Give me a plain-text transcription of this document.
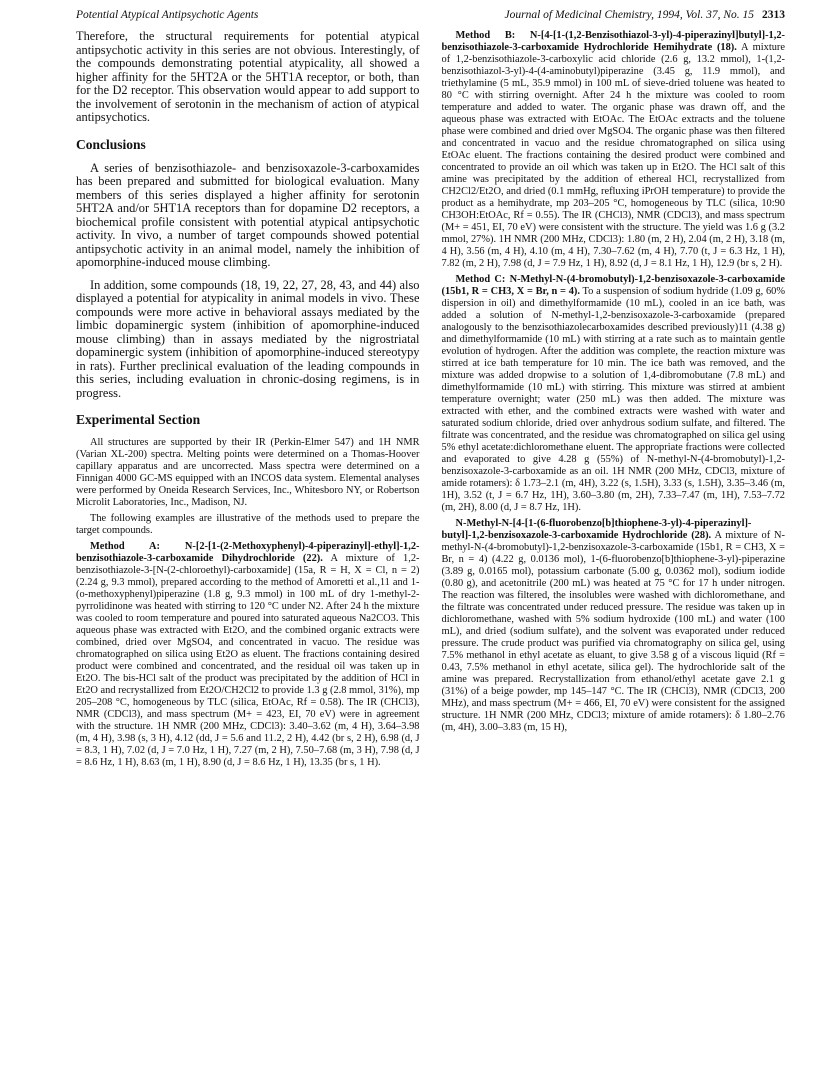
Potential Atypical Antipsychotic Agents	Journal of Medicinal Chemistry, 1994, Vol. 37, No. 15 2313

Therefore, the structural requirements for potential atypical antipsychotic activity in this series are not obvious. Interestingly, of the compounds demonstrating potential atypicality, all showed a higher affinity for the 5HT2A or the 5HT1A receptor, or both, than for the D2 receptor. This observation would appear to add support to the involvement of serotonin in the mechanism of action of atypical antipsychotics.

Conclusions

A series of benzisothiazole- and benzisoxazole-3-carboxamides has been prepared and submitted for biological evaluation. Many members of this series displayed a higher affinity for serotonin 5HT2A and/or 5HT1A receptors than for dopamine D2 receptors, a biochemical profile consistent with potential atypical antipsychotic activity. In vivo, a number of target compounds showed potential antipsychotic activity in an animal model, namely the inhibition of apomorphine-induced mouse climbing.

In addition, some compounds (18, 19, 22, 27, 28, 43, and 44) also displayed a potential for atypicality in animal models in vivo. These compounds were more active in behavioral assays mediated by the limbic dopaminergic system (inhibition of apomorphine-induced mouse climbing) than in assays mediated by the nigrostriatal dopaminergic system (inhibition of apomorphine-induced stereotypy in rats). Further preclinical evaluation of the leading compounds in this series, including evaluation in chronic-dosing regimens, is in progress.

Experimental Section

All structures are supported by their IR (Perkin-Elmer 547) and 1H NMR (Varian XL-200) spectra. Melting points were determined on a Thomas-Hoover capillary apparatus and are uncorrected. Mass spectra were determined on a Finnigan 4000 GC-MS equipped with an INCOS data system. Elemental analyses were performed by Oneida Research Services, Inc., Whitesboro NY, or Robertson Microlit Laboratories, Inc., Madison, NJ.

The following examples are illustrative of the methods used to prepare the target compounds.

Method A: N-[2-[1-(2-Methoxyphenyl)-4-piperazinyl]-ethyl]-1,2-benzisothiazole-3-carboxamide Dihydrochloride (22). A mixture of 1,2-benzisothiazole-3-[N-(2-chloroethyl)-carboxamide] (15a, R = H, X = Cl, n = 2) (2.24 g, 9.3 mmol), prepared according to the method of Amoretti et al.,11 and 1-(o-methoxyphenyl)piperazine (1.8 g, 9.3 mmol) in 100 mL of dry 1-methyl-2-pyrrolidinone was heated with stirring to 120 °C under N2. After 24 h the mixture was cooled to room temperature and poured into saturated aqueous Na2CO3. This aqueous phase was extracted with Et2O, and the combined organic extracts were combined, dried over MgSO4, and concentrated in vacuo. The residue was chromatographed on silica using Et2O as eluent. The fractions containing desired product were combined and concentrated, and the residual oil was taken up in Et2O. The bis-HCl salt of the product was precipitated by the addition of HCl in Et2O and recrystallized from Et2O/CH2Cl2 to provide 1.3 g (2.8 mmol, 31%), mp 205–208 °C, homogeneous by TLC (silica, EtOAc, Rf = 0.58). The IR (CHCl3), NMR (CDCl3), and mass spectrum (M+ = 423, EI, 70 eV) were in agreement with the structure. 1H NMR (200 MHz, CDCl3): 3.40–3.62 (m, 4 H), 3.64–3.98 (m, 4 H), 3.98 (s, 3 H), 4.12 (dd, J = 5.6 and 11.2, 2 H), 4.42 (br s, 2 H), 6.98 (d, J = 8.3, 1 H), 7.02 (d, J = 7.0 Hz, 1 H), 7.27 (m, 2 H), 7.50–7.68 (m, 3 H), 7.98 (d, J = 8.6 Hz, 1 H), 8.63 (m, 1 H), 8.90 (d, J = 8.6 Hz, 1 H), 13.35 (br s, 1 H).

Method B: N-[4-[1-(1,2-Benzisothiazol-3-yl)-4-piperazinyl]butyl]-1,2-benzisothiazole-3-carboxamide Hydrochloride Hemihydrate (18). A mixture of 1,2-benzisothiazole-3-carboxylic acid chloride (2.6 g, 13.2 mmol), 1-(1,2-benzisothiazol-3-yl)-4-(4-aminobutyl)piperazine (3.45 g, 11.9 mmol), and triethylamine (5 mL, 35.9 mmol) in 100 mL of sieve-dried toluene was heated to 80 °C with stirring overnight. After 24 h the mixture was cooled to room temperature and added to water. The organic phase was drawn off, and the aqueous phase was extracted with EtOAc. The EtOAc extracts and the toluene phase were combined and dried over MgSO4. The organic phase was then filtered and concentrated in vacuo and the residue chromatographed on silica using EtOAc eluent. The fractions containing the desired product were combined and concentrated to provide an oil which was taken up in Et2O. The HCl salt of this amine was precipitated by the addition of ethereal HCl, recrystallized from CH2Cl2/Et2O, and dried (0.1 mmHg, refluxing iPrOH temperature) to provide the product as a hemihydrate, mp 203–205 °C, homogeneous by TLC (silica, 10:90 CH3OH:EtOAc, Rf = 0.55). The IR (CHCl3), NMR (CDCl3), and mass spectrum (M+ = 451, EI, 70 eV) were consistent with the structure. The yield was 1.6 g (3.2 mmol, 27%). 1H NMR (200 MHz, CDCl3): 1.80 (m, 2 H), 2.04 (m, 2 H), 3.18 (m, 4 H), 3.56 (m, 4 H), 4.10 (m, 4 H), 7.30–7.62 (m, 4 H), 7.70 (t, J = 6.3 Hz, 1 H), 7.82 (m, 2 H), 7.98 (d, J = 7.9 Hz, 1 H), 8.92 (d, J = 8.1 Hz, 1 H), 12.9 (br s, 2 H).

Method C: N-Methyl-N-(4-bromobutyl)-1,2-benzisoxazole-3-carboxamide (15b1, R = CH3, X = Br, n = 4). To a suspension of sodium hydride (1.09 g, 60% dispersion in oil) and dimethylformamide (10 mL), cooled in an ice bath, was added a solution of N-methyl-1,2-benzisoxazole-3-carboxamide (prepared analogously to the benzisothiazolecarboxamides described previously)11 (4.38 g) and dimethylformamide (10 mL) with stirring at a rate such as to maintain gentle evolution of hydrogen. After the addition was complete, the reaction mixture was stirred at ice bath temperature for 10 min. The ice bath was removed, and the mixture was added dropwise to a solution of 1,4-dibromobutane (7.8 mL) and dimethylformamide (10 mL) with stirring. This mixture was stirred at ambient temperature overnight; water (250 mL) was then added. The mixture was extracted with ether, and the combined extracts were washed with water and saturated sodium chloride, dried over anhydrous sodium sulfate, and filtered. The filtrate was concentrated, and the residue was chromatographed on silica gel using 5% ethyl acetate:dichloromethane eluent. The appropriate fractions were collected and evaporated to give 4.28 g (55%) of N-methyl-N-(4-bromobutyl)-1,2-benzisoxazole-3-carboxamide as an oil. 1H NMR (200 MHz, CDCl3, mixture of amide rotamers): δ 1.73–2.1 (m, 4H), 3.22 (s, 1.5H), 3.33 (s, 1.5H), 3.35–3.46 (m, 1H), 3.52 (t, J = 6.7 Hz, 1H), 3.60–3.80 (m, 2H), 7.33–7.47 (m, 1H), 7.53–7.72 (m, 2H), 8.00 (d, J = 8.7 Hz, 1H).

N-Methyl-N-[4-[1-(6-fluorobenzo[b]thiophene-3-yl)-4-piperazinyl]-butyl]-1,2-benzisoxazole-3-carboxamide Hydrochloride (28). A mixture of N-methyl-N-(4-bromobutyl)-1,2-benzisoxazole-3-carboxamide (15b1, R = CH3, X = Br, n = 4) (4.22 g, 0.0136 mol), 1-(6-fluorobenzo[b]thiophene-3-yl)-piperazine (3.89 g, 0.0165 mol), potassium carbonate (5.00 g, 0.0362 mol), sodium iodide (0.80 g), and acetonitrile (200 mL) was heated at 75 °C for 17 h under nitrogen. The reaction was filtered, the insolubles were washed with dichloromethane, and the filtrate was concentrated under reduced pressure. The residue was taken up in dichloromethane, washed with 5% sodium hydroxide (100 mL) and water (100 mL), and dried (sodium sulfate), and the solvent was evaporated under reduced pressure. The crude product was purified via chromatography on silica gel, using 7.5% methanol in ethyl acetate as eluant, to give 3.58 g of a viscous liquid (Rf = 0.43, 7.5% methanol in ethyl acetate, silica gel). The hydrochloride salt of the amine was prepared. Recrystallization from ethanol/ethyl acetate gave 2.1 g (31%) of a beige powder, mp 145–147 °C. The IR (CHCl3), NMR (CDCl3, 200 MHz), and mass spectrum (M+ = 466, EI, 70 eV) were consistent for the assigned structure. 1H NMR (200 MHz, CDCl3; mixture of amide rotamers): δ 1.80–2.76 (m, 4H), 3.00–3.83 (m, 15 H),
